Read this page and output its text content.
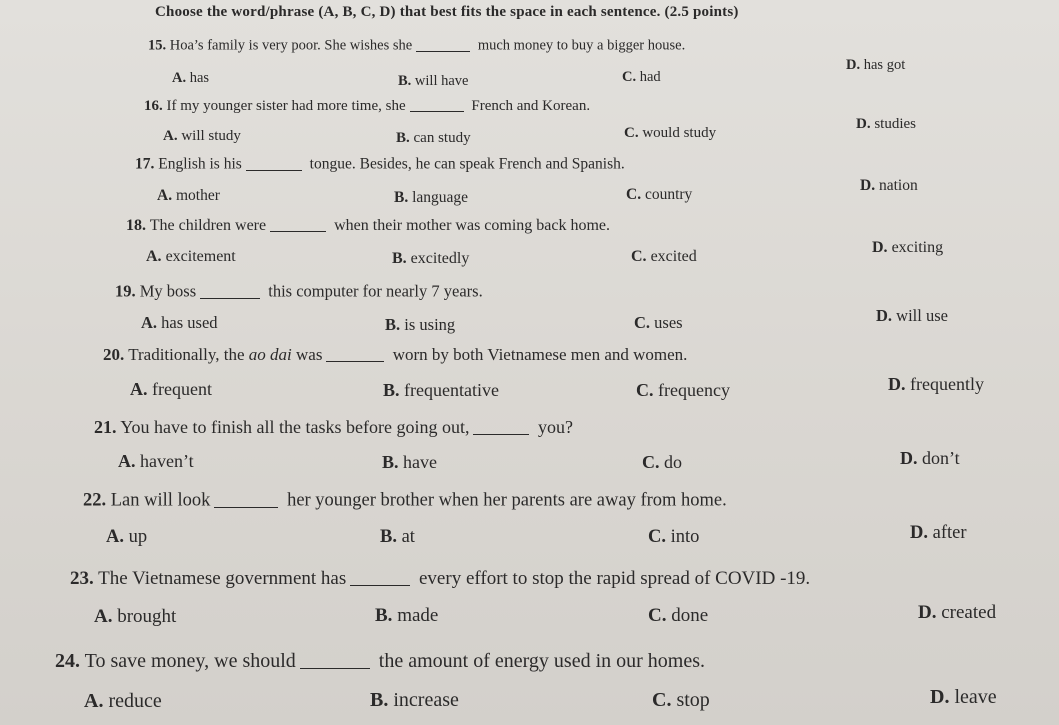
Choose the word/phrase (A, B, C, D) that best fits the space in each sentence. (2.5 points)
15. Hoa’s family is very poor. She wishes she	much money to buy a bigger house.
A. has	B. will have	C. had
D. has got
16. If my younger sister had more time, she	French and Korean.
A. will study	B. can study	C. would study
D. studies
17. English is his	tongue. Besides, he can speak French and Spanish.
A. mother	B. language	C. country
D. nation
18. The children were	when their mother was coming back home.
A. excitement	B. excitedly	C. excited
D. exciting
19. My boss	this computer for nearly 7 years.
A. has used	B. is using	C. uses	D. will use
20. Traditionally, the ao dai was	worn by both Vietnamese men and women.
A. frequent	B. frequentative	C. frequency	D. frequently
21. You have to finish all the tasks before going out,	you?
A. haven’t	B. have	C. do	D. don’t
22. Lan will look	her younger brother when her parents are away from home.
A. up	B. at	C. into	D. after
23. The Vietnamese government has	every effort to stop the rapid spread of COVID -19.
A. brought	B. made	C. done	D. created
24. To save money, we should	the amount of energy used in our homes.
A. reduce	B. increase	C. stop	D. leave
